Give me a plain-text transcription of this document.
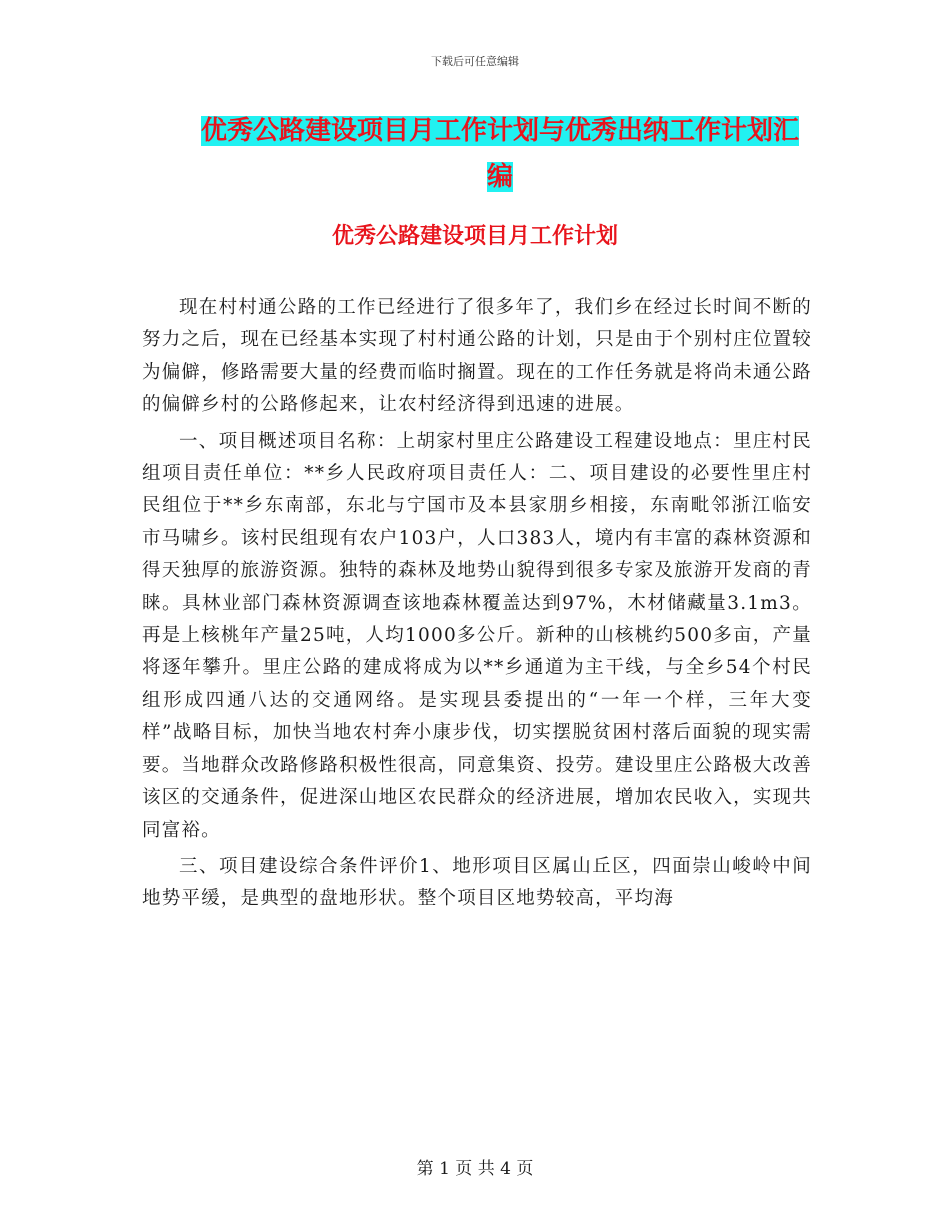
下载后可任意编辑
优秀公路建设项目月工作计划与优秀出纳工作计划汇编
优秀公路建设项目月工作计划

现在村村通公路的工作已经进行了很多年了，我们乡在经过长时间不断的努力之后，现在已经基本实现了村村通公路的计划，只是由于个别村庄位置较为偏僻，修路需要大量的经费而临时搁置。现在的工作任务就是将尚未通公路的偏僻乡村的公路修起来，让农村经济得到迅速的进展。

一、项目概述项目名称：上胡家村里庄公路建设工程建设地点：里庄村民组项目责任单位：**乡人民政府项目责任人：二、项目建设的必要性里庄村民组位于**乡东南部，东北与宁国市及本县家朋乡相接，东南毗邻浙江临安市马啸乡。该村民组现有农户103户，人口383人，境内有丰富的森林资源和得天独厚的旅游资源。独特的森林及地势山貌得到很多专家及旅游开发商的青睐。具林业部门森林资源调查该地森林覆盖达到97%，木材储藏量3.1m3。再是上核桃年产量25吨，人均1000多公斤。新种的山核桃约500多亩，产量将逐年攀升。里庄公路的建成将成为以**乡通道为主干线，与全乡54个村民组形成四通八达的交通网络。是实现县委提出的“一年一个样，三年大变样”战略目标，加快当地农村奔小康步伐，切实摆脱贫困村落后面貌的现实需要。当地群众改路修路积极性很高，同意集资、投劳。建设里庄公路极大改善该区的交通条件，促进深山地区农民群众的经济进展，增加农民收入，实现共同富裕。

三、项目建设综合条件评价1、地形项目区属山丘区，四面崇山峻岭中间地势平缓，是典型的盘地形状。整个项目区地势较高，平均海

第 1 页 共 4 页
